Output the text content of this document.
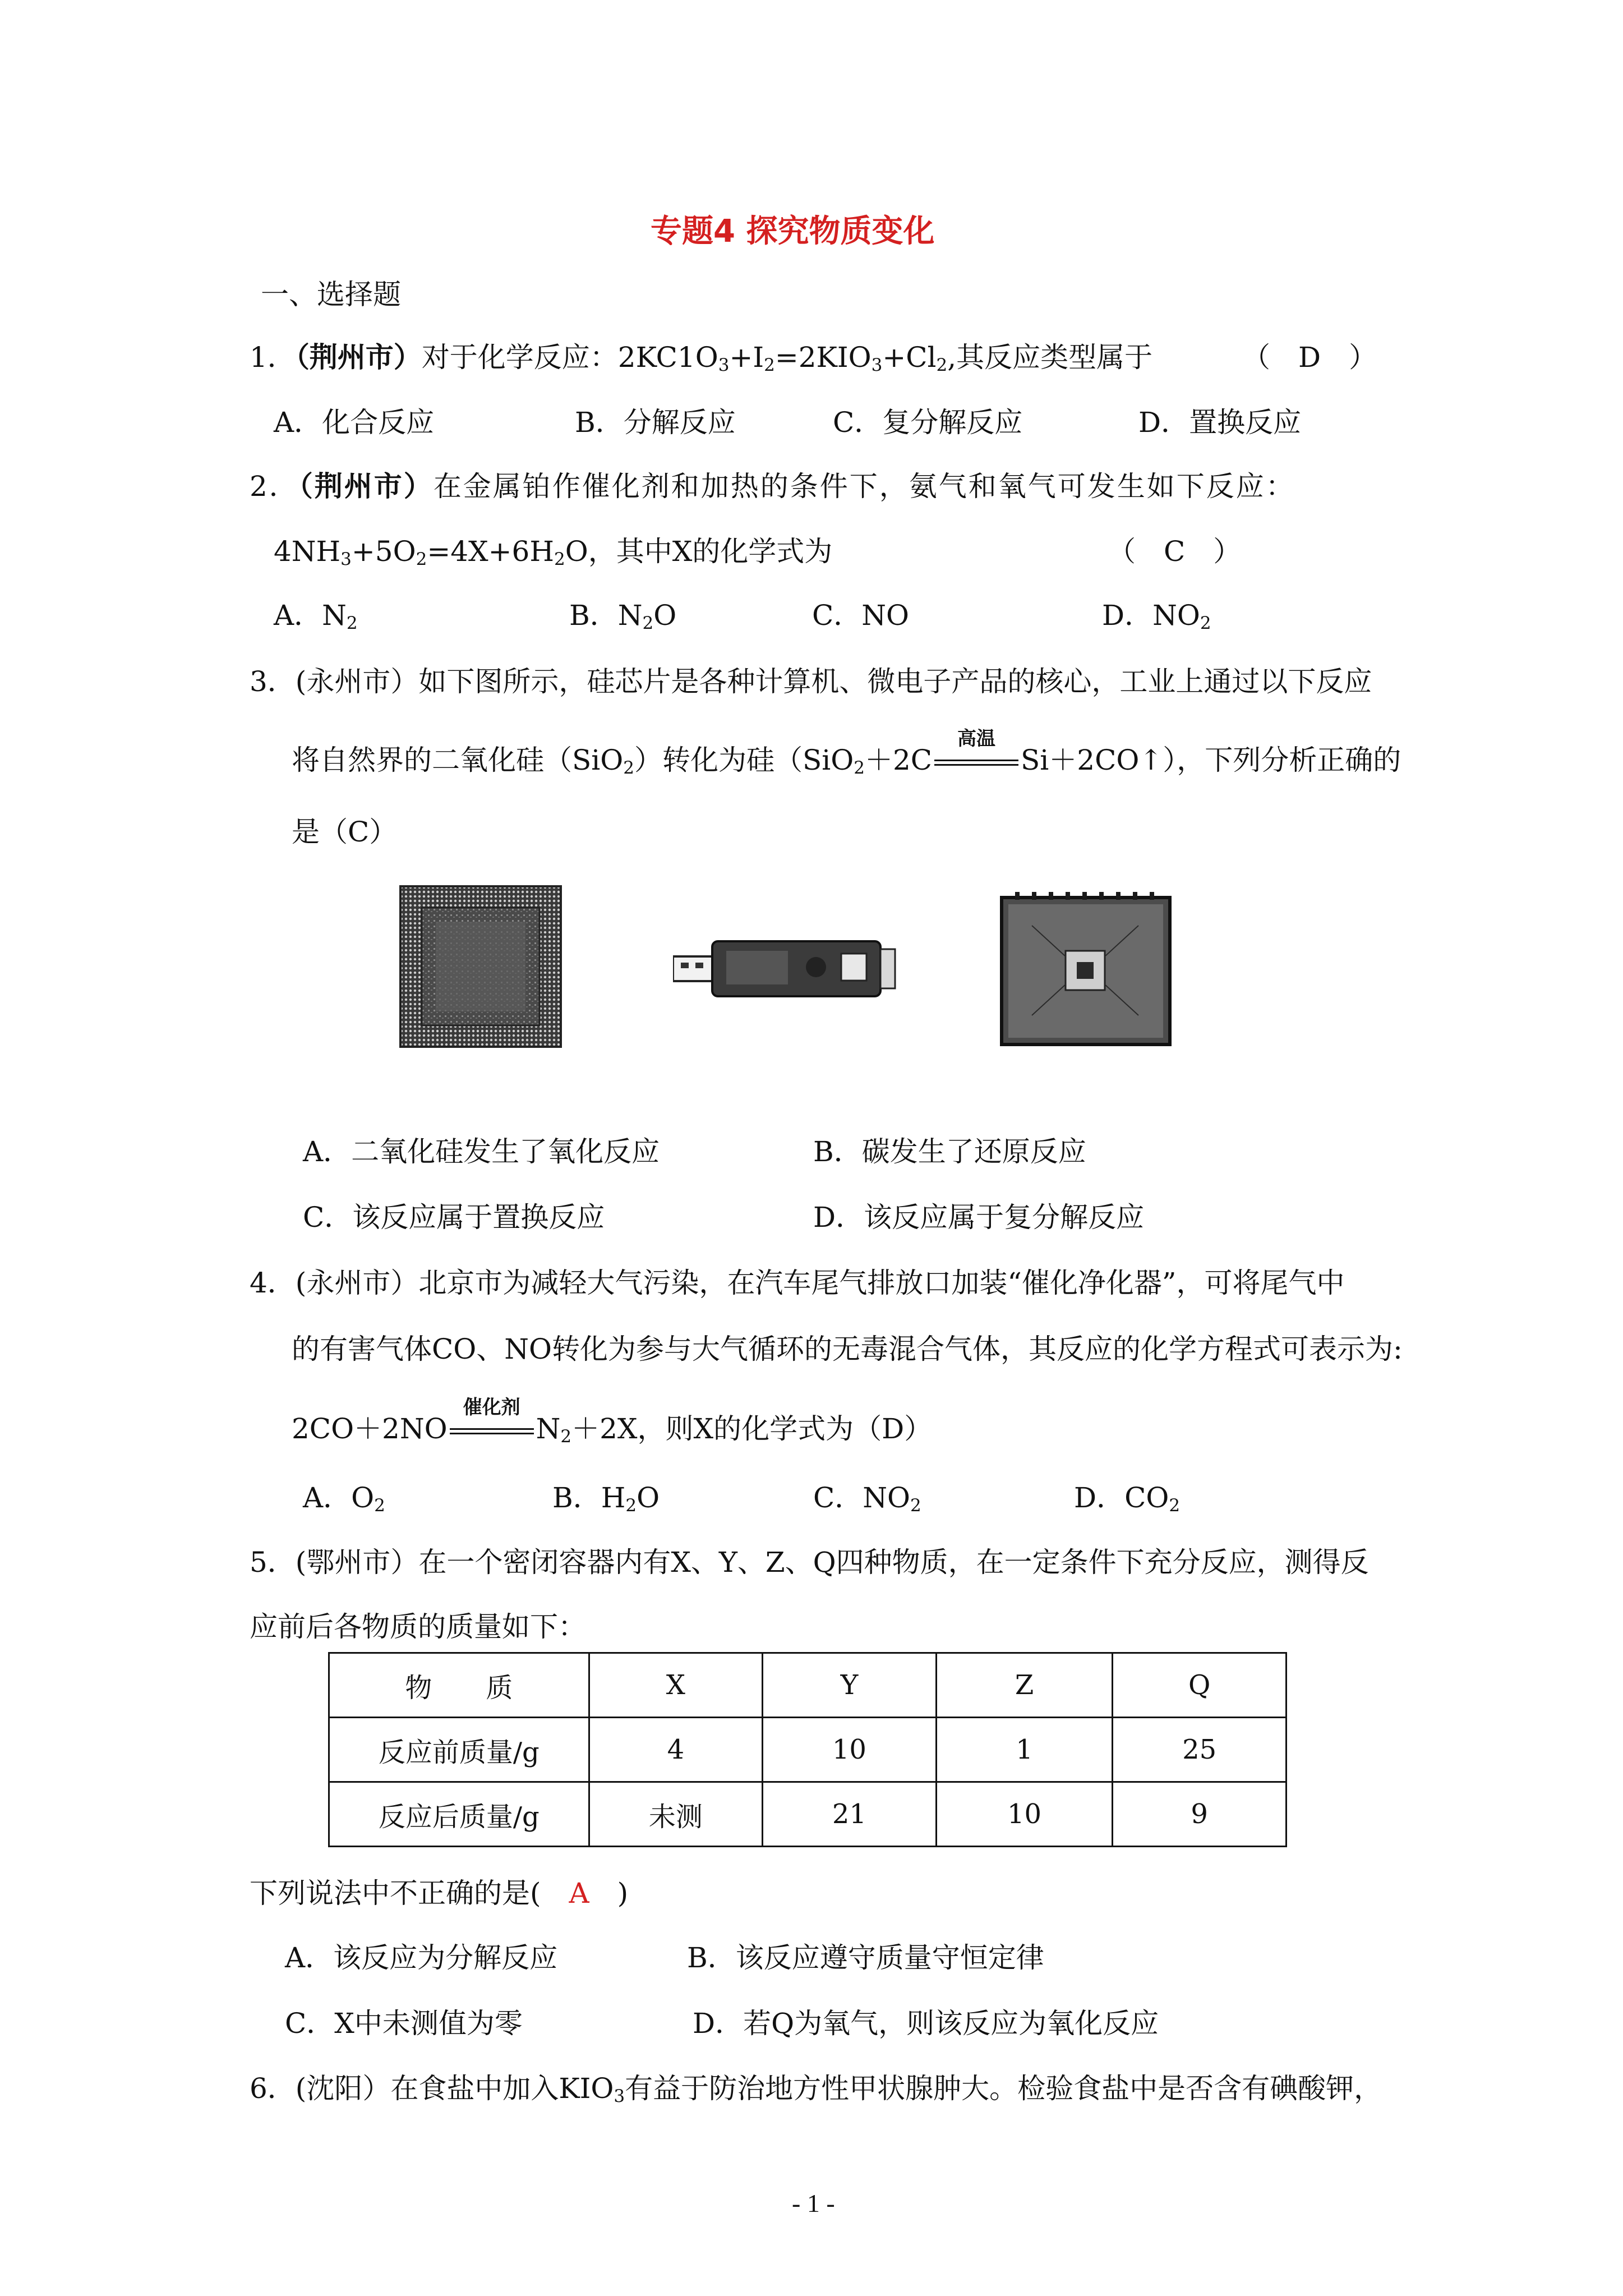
专题4 探究物质变化
一、选择题
1．（荆州市）对于化学反应：$2KC1O_3+I_2=2KIO_3+Cl_2$,其反应类型属于	（　D　）
A．化合反应	B．分解反应	C．复分解反应	D．置换反应
2．（荆州市）在金属铂作催化剂和加热的条件下，氨气和氧气可发生如下反应：
$4NH_3+5O_2=4X+6H_2O$，其中X的化学式为	（　C　）
A．$N_2$	B．$N_2O$	C．NO	D．$NO_2$
3．(永州市）如下图所示，硅芯片是各种计算机、微电子产品的核心，工业上通过以下反应
将自然界的二氧化硅（SiO$_2$）转化为硅（SiO$_2$＋2C
高温
Si＋2CO↑），下列分析正确的
是（C）
A．二氧化硅发生了氧化反应	B．碳发生了还原反应
C．该反应属于置换反应	D．该反应属于复分解反应
4．(永州市）北京市为减轻大气污染，在汽车尾气排放口加装“催化净化器”，可将尾气中
的有害气体CO、NO转化为参与大气循环的无毒混合气体，其反应的化学方程式可表示为:
2CO＋2NO
催化剂
$N_2+2X$，则X的化学式为（D）
A．$O_2$	B．$H_2O$	C．$NO_2$	D．$CO_2$
5．(鄂州市）在一个密闭容器内有X、Y、Z、Q四种物质，在一定条件下充分反应，测得反
应前后各物质的质量如下：
物　　质	X	Y	Z	Q
反应前质量/g	4	10	1	25
反应后质量/g	未测	21	10	9
下列说法中不正确的是(　A　)
A．该反应为分解反应	B．该反应遵守质量守恒定律
C．X中未测值为零	D．若Q为氧气，则该反应为氧化反应
6．(沈阳）在食盐中加入$KIO_3$有益于防治地方性甲状腺肿大。检验食盐中是否含有碘酸钾，
- 1 -
